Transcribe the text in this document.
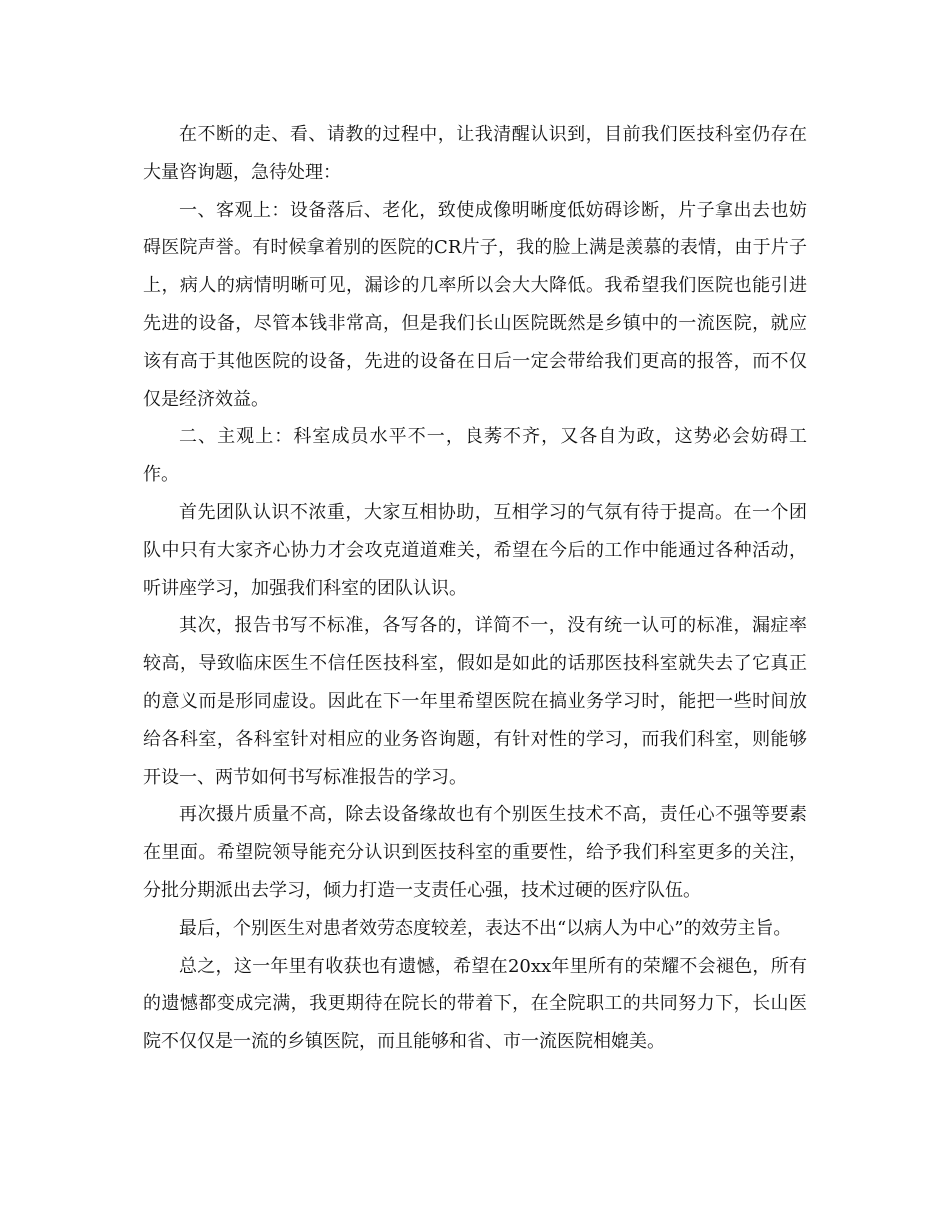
在不断的走、看、请教的过程中，让我清醒认识到，目前我们医技科室仍存在大量咨询题，急待处理：

一、客观上：设备落后、老化，致使成像明晰度低妨碍诊断，片子拿出去也妨碍医院声誉。有时候拿着别的医院的CR片子，我的脸上满是羡慕的表情，由于片子上，病人的病情明晰可见，漏诊的几率所以会大大降低。我希望我们医院也能引进先进的设备，尽管本钱非常高，但是我们长山医院既然是乡镇中的一流医院，就应该有高于其他医院的设备，先进的设备在日后一定会带给我们更高的报答，而不仅仅是经济效益。

二、主观上：科室成员水平不一，良莠不齐，又各自为政，这势必会妨碍工作。

首先团队认识不浓重，大家互相协助，互相学习的气氛有待于提高。在一个团队中只有大家齐心协力才会攻克道道难关，希望在今后的工作中能通过各种活动，听讲座学习，加强我们科室的团队认识。

其次，报告书写不标准，各写各的，详简不一，没有统一认可的标准，漏症率较高，导致临床医生不信任医技科室，假如是如此的话那医技科室就失去了它真正的意义而是形同虚设。因此在下一年里希望医院在搞业务学习时，能把一些时间放给各科室，各科室针对相应的业务咨询题，有针对性的学习，而我们科室，则能够开设一、两节如何书写标准报告的学习。

再次摄片质量不高，除去设备缘故也有个别医生技术不高，责任心不强等要素在里面。希望院领导能充分认识到医技科室的重要性，给予我们科室更多的关注，分批分期派出去学习，倾力打造一支责任心强，技术过硬的医疗队伍。

最后，个别医生对患者效劳态度较差，表达不出“以病人为中心”的效劳主旨。

总之，这一年里有收获也有遗憾，希望在20xx年里所有的荣耀不会褪色，所有的遗憾都变成完满，我更期待在院长的带着下，在全院职工的共同努力下，长山医院不仅仅是一流的乡镇医院，而且能够和省、市一流医院相媲美。
